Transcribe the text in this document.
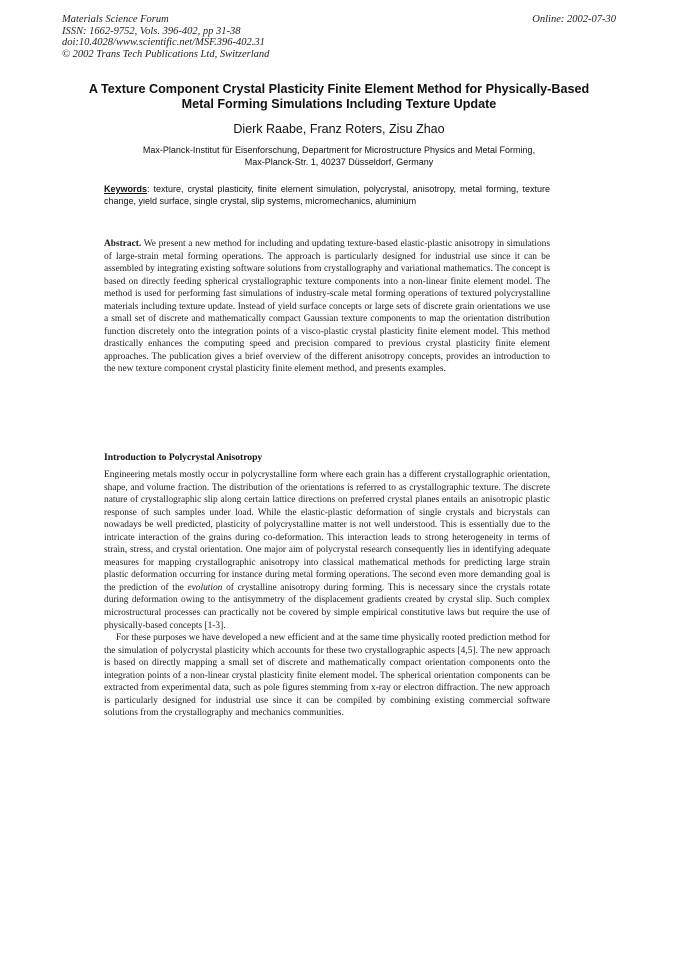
Materials Science Forum
ISSN: 1662-9752, Vols. 396-402, pp 31-38
doi:10.4028/www.scientific.net/MSF.396-402.31
© 2002 Trans Tech Publications Ltd, Switzerland
Online: 2002-07-30
A Texture Component Crystal Plasticity Finite Element Method for Physically-Based Metal Forming Simulations Including Texture Update
Dierk Raabe, Franz Roters, Zisu Zhao
Max-Planck-Institut für Eisenforschung, Department for Microstructure Physics and Metal Forming,
Max-Planck-Str. 1, 40237 Düsseldorf, Germany
Keywords: texture, crystal plasticity, finite element simulation, polycrystal, anisotropy, metal forming, texture change, yield surface, single crystal, slip systems, micromechanics, aluminium
Abstract. We present a new method for including and updating texture-based elastic-plastic anisotropy in simulations of large-strain metal forming operations. The approach is particularly designed for industrial use since it can be assembled by integrating existing software solutions from crystallography and variational mathematics. The concept is based on directly feeding spherical crystallographic texture components into a non-linear finite element model. The method is used for performing fast simulations of industry-scale metal forming operations of textured polycrystalline materials including texture update. Instead of yield surface concepts or large sets of discrete grain orientations we use a small set of discrete and mathematically compact Gaussian texture components to map the orientation distribution function discretely onto the integration points of a visco-plastic crystal plasticity finite element model. This method drastically enhances the computing speed and precision compared to previous crystal plasticity finite element approaches. The publication gives a brief overview of the different anisotropy concepts, provides an introduction to the new texture component crystal plasticity finite element method, and presents examples.
Introduction to Polycrystal Anisotropy

Engineering metals mostly occur in polycrystalline form where each grain has a different crystallographic orientation, shape, and volume fraction. The distribution of the orientations is referred to as crystallographic texture. The discrete nature of crystallographic slip along certain lattice directions on preferred crystal planes entails an anisotropic plastic response of such samples under load. While the elastic-plastic deformation of single crystals and bicrystals can nowadays be well predicted, plasticity of polycrystalline matter is not well understood. This is essentially due to the intricate interaction of the grains during co-deformation. This interaction leads to strong heterogeneity in terms of strain, stress, and crystal orientation. One major aim of polycrystal research consequently lies in identifying adequate measures for mapping crystallographic anisotropy into classical mathematical methods for predicting large strain plastic deformation occurring for instance during metal forming operations. The second even more demanding goal is the prediction of the evolution of crystalline anisotropy during forming. This is necessary since the crystals rotate during deformation owing to the antisymmetry of the displacement gradients created by crystal slip. Such complex microstructural processes can practically not be covered by simple empirical constitutive laws but require the use of physically-based concepts [1-3].

For these purposes we have developed a new efficient and at the same time physically rooted prediction method for the simulation of polycrystal plasticity which accounts for these two crystallographic aspects [4,5]. The new approach is based on directly mapping a small set of discrete and mathematically compact orientation components onto the integration points of a non-linear crystal plasticity finite element model. The spherical orientation components can be extracted from experimental data, such as pole figures stemming from x-ray or electron diffraction. The new approach is particularly designed for industrial use since it can be compiled by combining existing commercial software solutions from the crystallography and mechanics communities.
